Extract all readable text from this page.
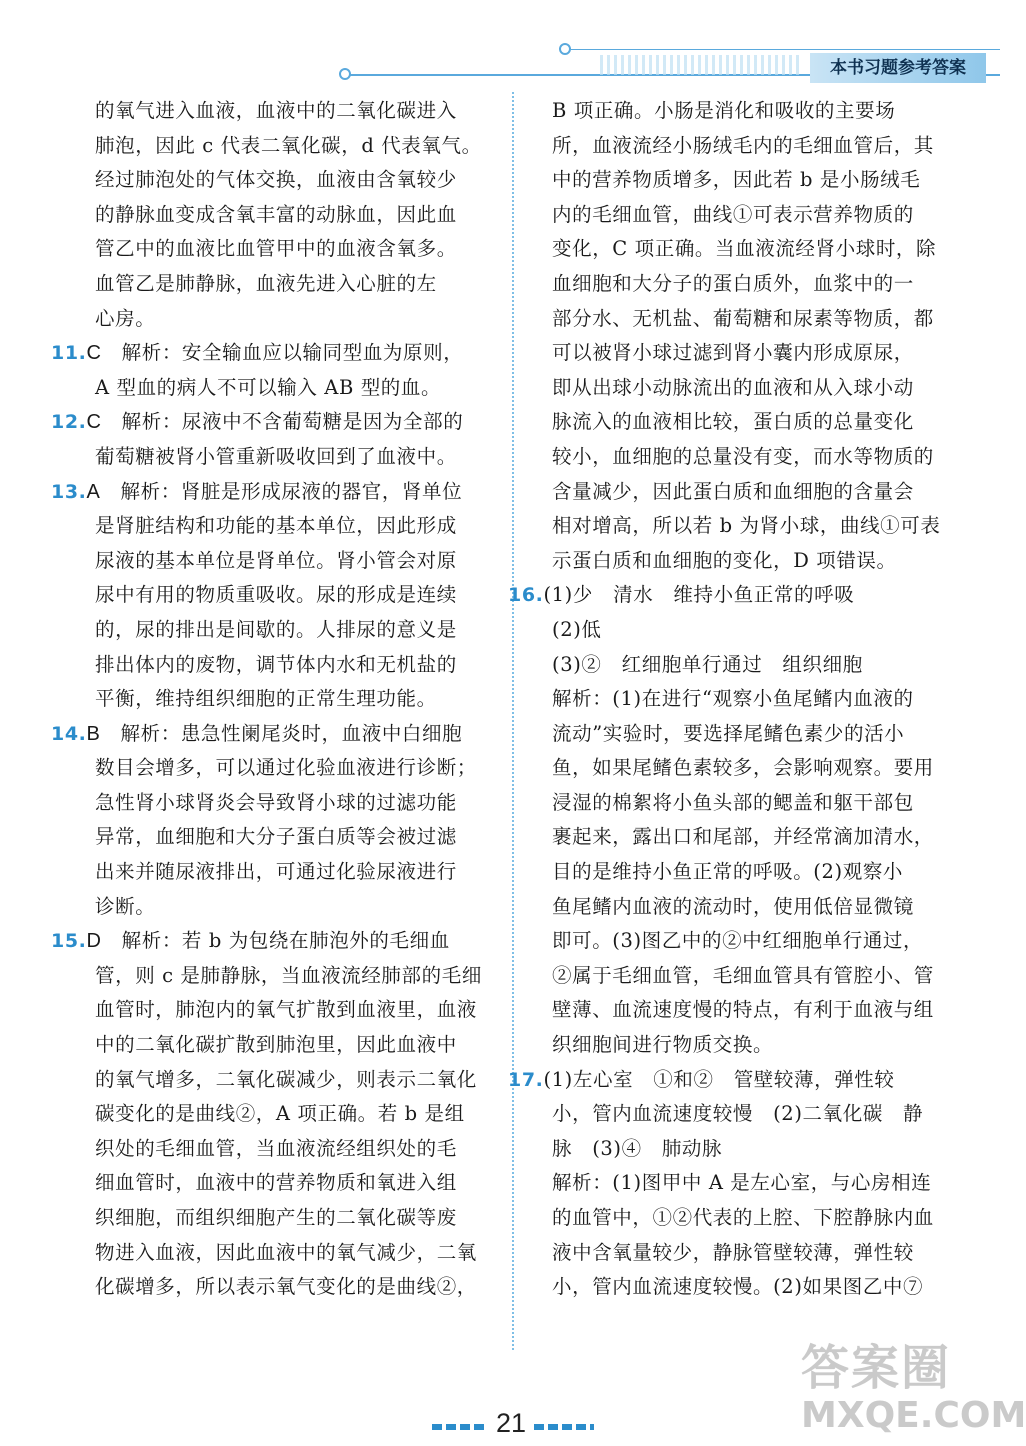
本书习题参考答案
的氧气进入血液，血液中的二氧化碳进入
肺泡，因此 c 代表二氧化碳，d 代表氧气。
经过肺泡处的气体交换，血液由含氧较少
的静脉血变成含氧丰富的动脉血，因此血
管乙中的血液比血管甲中的血液含氧多。
血管乙是肺静脉，血液先进入心脏的左
心房。
11.C　解析：安全输血应以输同型血为原则，
A 型血的病人不可以输入 AB 型的血。
12.C　解析：尿液中不含葡萄糖是因为全部的
葡萄糖被肾小管重新吸收回到了血液中。
13.A　解析：肾脏是形成尿液的器官，肾单位
是肾脏结构和功能的基本单位，因此形成
尿液的基本单位是肾单位。肾小管会对原
尿中有用的物质重吸收。尿的形成是连续
的，尿的排出是间歇的。人排尿的意义是
排出体内的废物，调节体内水和无机盐的
平衡，维持组织细胞的正常生理功能。
14.B　解析：患急性阑尾炎时，血液中白细胞
数目会增多，可以通过化验血液进行诊断；
急性肾小球肾炎会导致肾小球的过滤功能
异常，血细胞和大分子蛋白质等会被过滤
出来并随尿液排出，可通过化验尿液进行
诊断。
15.D　解析：若 b 为包绕在肺泡外的毛细血
管，则 c 是肺静脉，当血液流经肺部的毛细
血管时，肺泡内的氧气扩散到血液里，血液
中的二氧化碳扩散到肺泡里，因此血液中
的氧气增多，二氧化碳减少，则表示二氧化
碳变化的是曲线②，A 项正确。若 b 是组
织处的毛细血管，当血液流经组织处的毛
细血管时，血液中的营养物质和氧进入组
织细胞，而组织细胞产生的二氧化碳等废
物进入血液，因此血液中的氧气减少，二氧
化碳增多，所以表示氧气变化的是曲线②，
B 项正确。小肠是消化和吸收的主要场
所，血液流经小肠绒毛内的毛细血管后，其
中的营养物质增多，因此若 b 是小肠绒毛
内的毛细血管，曲线①可表示营养物质的
变化，C 项正确。当血液流经肾小球时，除
血细胞和大分子的蛋白质外，血浆中的一
部分水、无机盐、葡萄糖和尿素等物质，都
可以被肾小球过滤到肾小囊内形成原尿，
即从出球小动脉流出的血液和从入球小动
脉流入的血液相比较，蛋白质的总量变化
较小，血细胞的总量没有变，而水等物质的
含量减少，因此蛋白质和血细胞的含量会
相对增高，所以若 b 为肾小球，曲线①可表
示蛋白质和血细胞的变化，D 项错误。
16.(1)少　清水　维持小鱼正常的呼吸
(2)低
(3)②　红细胞单行通过　组织细胞
解析：(1)在进行“观察小鱼尾鳍内血液的
流动”实验时，要选择尾鳍色素少的活小
鱼，如果尾鳍色素较多，会影响观察。要用
浸湿的棉絮将小鱼头部的鳃盖和躯干部包
裹起来，露出口和尾部，并经常滴加清水，
目的是维持小鱼正常的呼吸。(2)观察小
鱼尾鳍内血液的流动时，使用低倍显微镜
即可。(3)图乙中的②中红细胞单行通过，
②属于毛细血管，毛细血管具有管腔小、管
壁薄、血流速度慢的特点，有利于血液与组
织细胞间进行物质交换。
17.(1)左心室　①和②　管壁较薄，弹性较
小，管内血流速度较慢　(2)二氧化碳　静
脉　(3)④　肺动脉
解析：(1)图甲中 A 是左心室，与心房相连
的血管中，①②代表的上腔、下腔静脉内血
液中含氧量较少，静脉管壁较薄，弹性较
小，管内血流速度较慢。(2)如果图乙中⑦
21
答案圈
MXQE.COM
